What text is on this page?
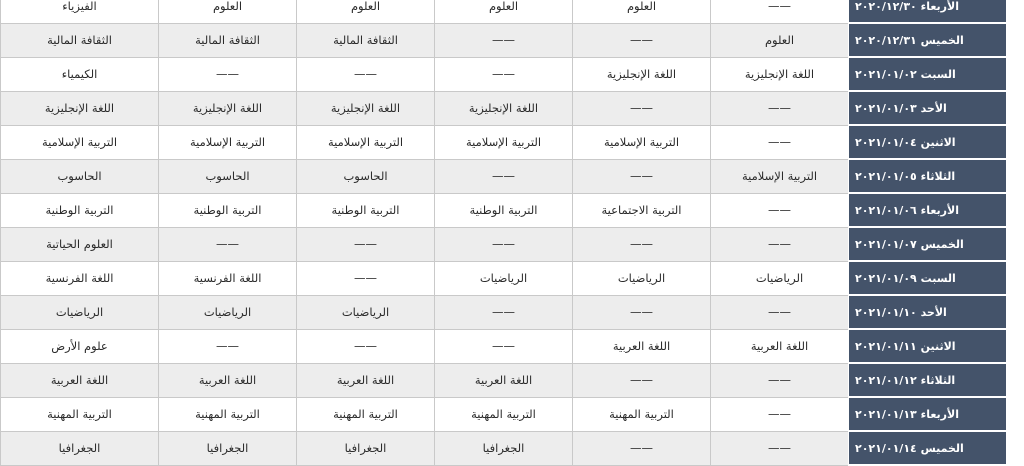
الأربعاء ٢٠٢٠/١٢/٣٠	——	العلوم	العلوم	العلوم	العلوم	الفيزياء
الخميس ٢٠٢٠/١٢/٣١	العلوم	——	——	الثقافة المالية	الثقافة المالية	الثقافة المالية
السبت ٢٠٢١/٠١/٠٢	اللغة الإنجليزية	اللغة الإنجليزية	——	——	——	الكيمياء
الأحد ٢٠٢١/٠١/٠٣	——	——	اللغة الإنجليزية	اللغة الإنجليزية	اللغة الإنجليزية	اللغة الإنجليزية
الاثنين ٢٠٢١/٠١/٠٤	——	التربية الإسلامية	التربية الإسلامية	التربية الإسلامية	التربية الإسلامية	التربية الإسلامية
الثلاثاء ٢٠٢١/٠١/٠٥	التربية الإسلامية	——	——	الحاسوب	الحاسوب	الحاسوب
الأربعاء ٢٠٢١/٠١/٠٦	——	التربية الاجتماعية	التربية الوطنية	التربية الوطنية	التربية الوطنية	التربية الوطنية
الخميس ٢٠٢١/٠١/٠٧	——	——	——	——	——	العلوم الحياتية
السبت ٢٠٢١/٠١/٠٩	الرياضيات	الرياضيات	الرياضيات	——	اللغة الفرنسية	اللغة الفرنسية
الأحد ٢٠٢١/٠١/١٠	——	——	——	الرياضيات	الرياضيات	الرياضيات
الاثنين ٢٠٢١/٠١/١١	اللغة العربية	اللغة العربية	——	——	——	علوم الأرض
الثلاثاء ٢٠٢١/٠١/١٢	——	——	اللغة العربية	اللغة العربية	اللغة العربية	اللغة العربية
الأربعاء ٢٠٢١/٠١/١٣	——	التربية المهنية	التربية المهنية	التربية المهنية	التربية المهنية	التربية المهنية
الخميس ٢٠٢١/٠١/١٤	——	——	الجغرافيا	الجغرافيا	الجغرافيا	الجغرافيا
